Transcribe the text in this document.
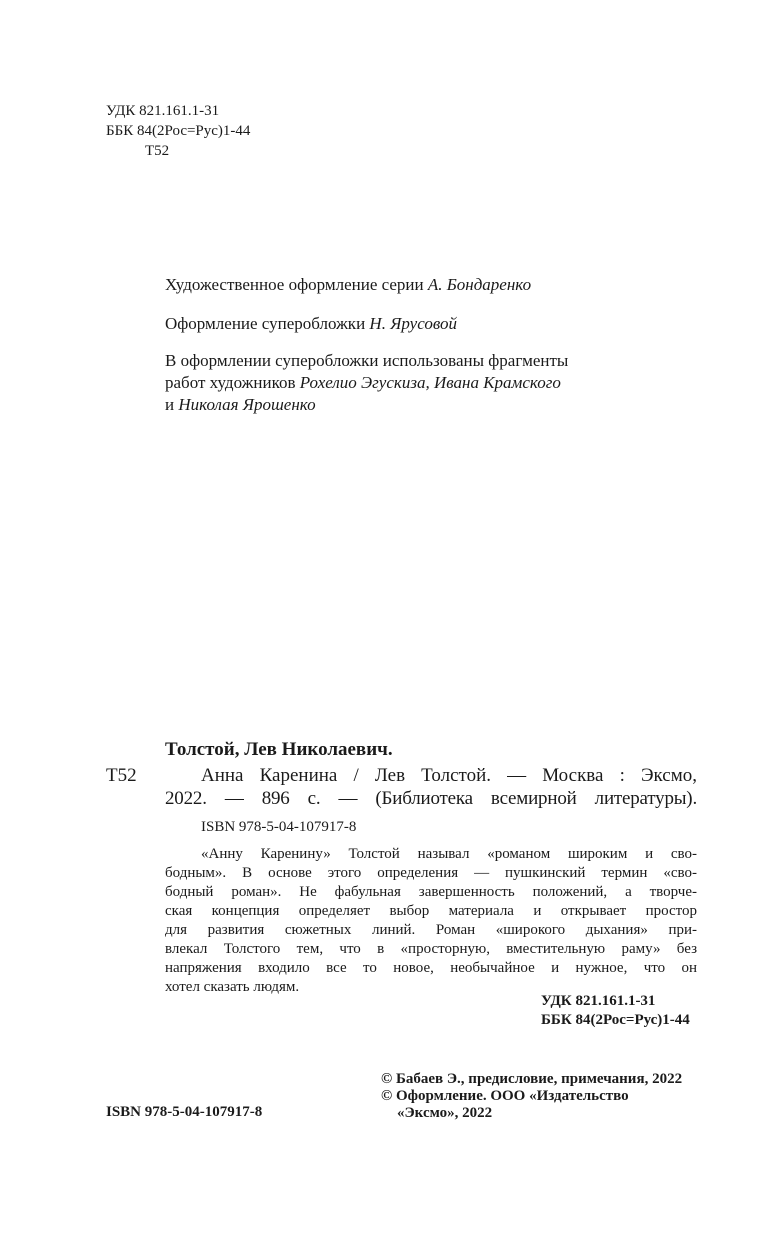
УДК 821.161.1-31
ББК 84(2Рос=Рус)1-44
Т52
Художественное оформление серии А. Бондаренко
Оформление суперобложки Н. Ярусовой
В оформлении суперобложки использованы фрагменты
работ художников Рохелио Эгускиза, Ивана Крамского
и Николая Ярошенко
Толстой, Лев Николаевич.
Т52	Анна Каренина / Лев Толстой. — Москва : Эксмо,
2022. — 896 с. — (Библиотека всемирной литературы).
ISBN 978-5-04-107917-8
«Анну Каренину» Толстой называл «романом широким и сво-
бодным». В основе этого определения — пушкинский термин «сво-
бодный роман». Не фабульная завершенность положений, а творче-
ская концепция определяет выбор материала и открывает простор
для развития сюжетных линий. Роман «широкого дыхания» при-
влекал Толстого тем, что в «просторную, вместительную раму» без
напряжения входило все то новое, необычайное и нужное, что он
хотел сказать людям.
УДК 821.161.1-31
ББК 84(2Рос=Рус)1-44
ISBN 978-5-04-107917-8
© Бабаев Э., предисловие, примечания, 2022
© Оформление. ООО «Издательство
«Эксмо», 2022
